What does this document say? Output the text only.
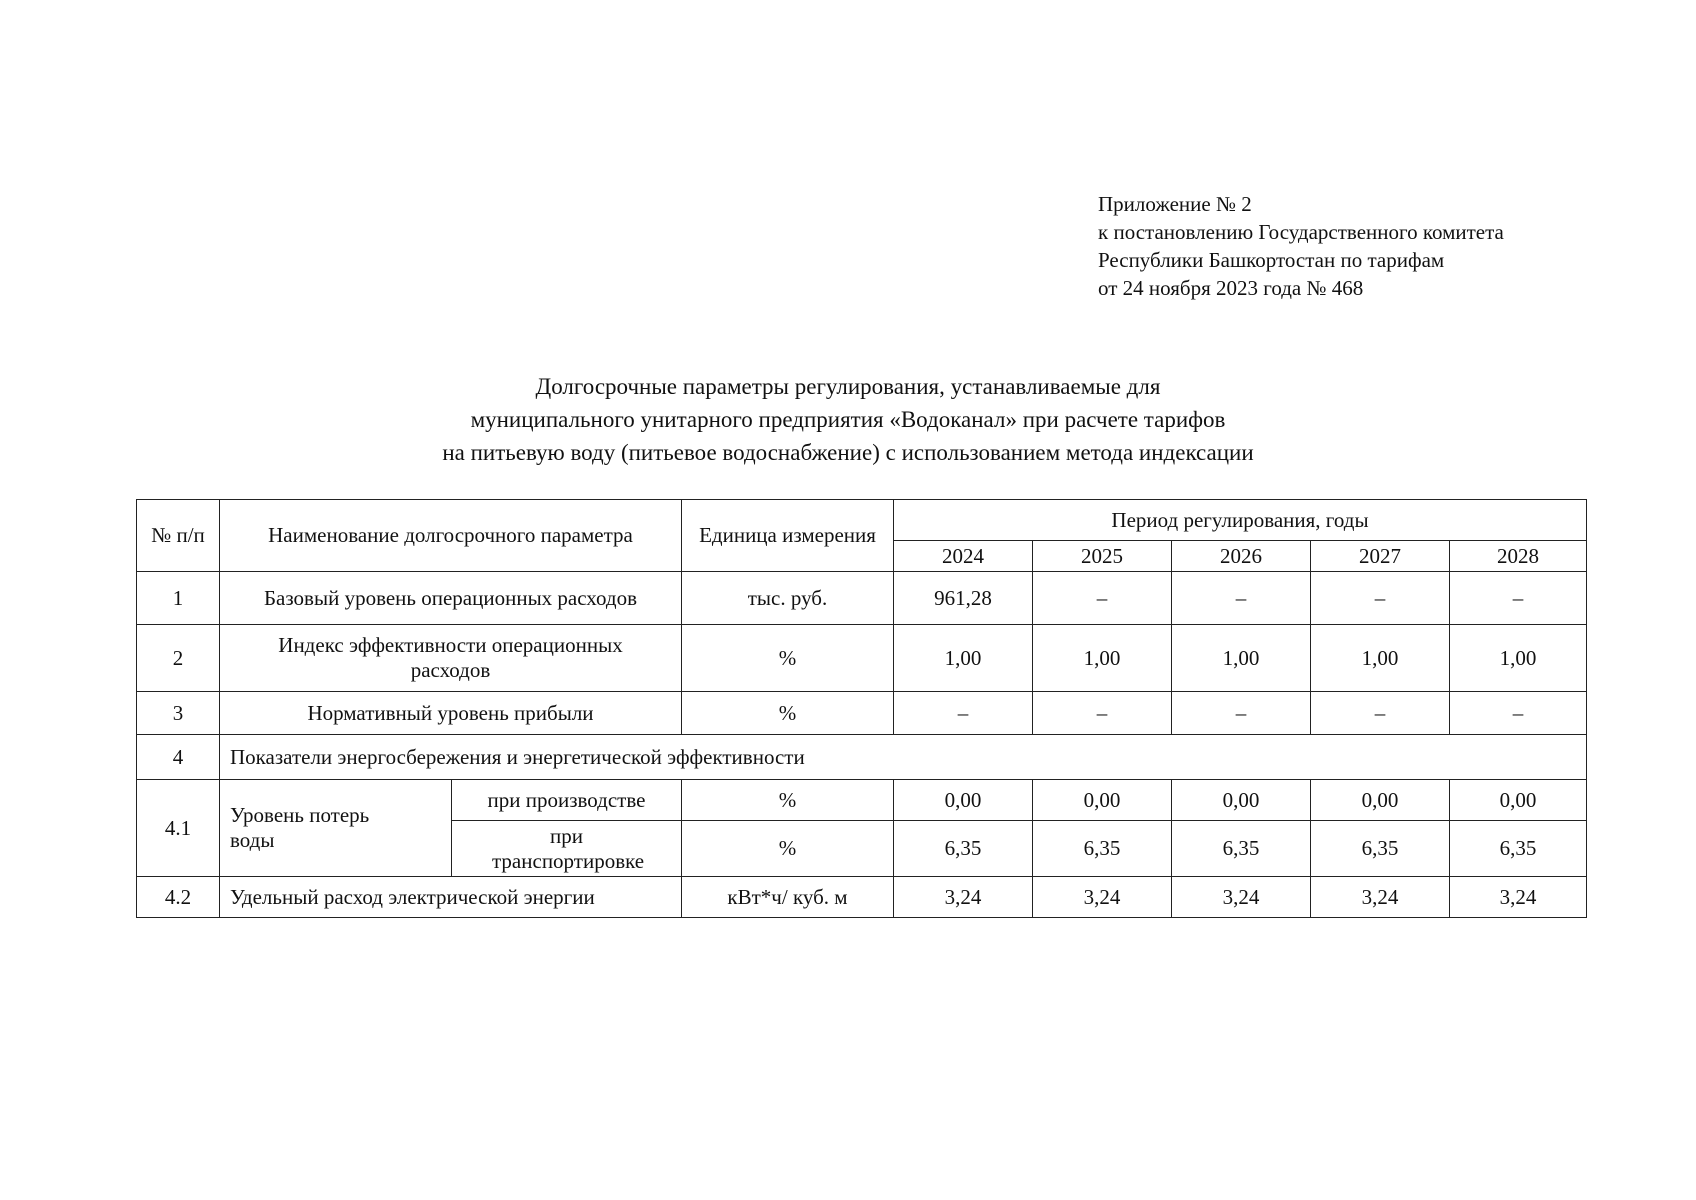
Приложение № 2
к постановлению Государственного комитета
Республики Башкортостан по тарифам
от 24 ноября 2023 года № 468
Долгосрочные параметры регулирования, устанавливаемые для
муниципального унитарного предприятия «Водоканал» при расчете тарифов
на питьевую воду (питьевое водоснабжение) с использованием метода индексации
№ п/п	Наименование долгосрочного параметра		Единица измерения	Период регулирования, годы				
				2024	2025	2026	2027	2028
1	Базовый уровень операционных расходов		тыс. руб.	961,28	–	–	–	–
2	Индекс эффективности операционных расходов		%	1,00	1,00	1,00	1,00	1,00
3	Нормативный уровень прибыли		%	–	–	–	–	–
4	Показатели энергосбережения и энергетической эффективности							
4.1	Уровень потерь воды	при производстве	%	0,00	0,00	0,00	0,00	0,00
		при транспортировке	%	6,35	6,35	6,35	6,35	6,35
4.2	Удельный расход электрической энергии		кВт*ч/ куб. м	3,24	3,24	3,24	3,24	3,24
